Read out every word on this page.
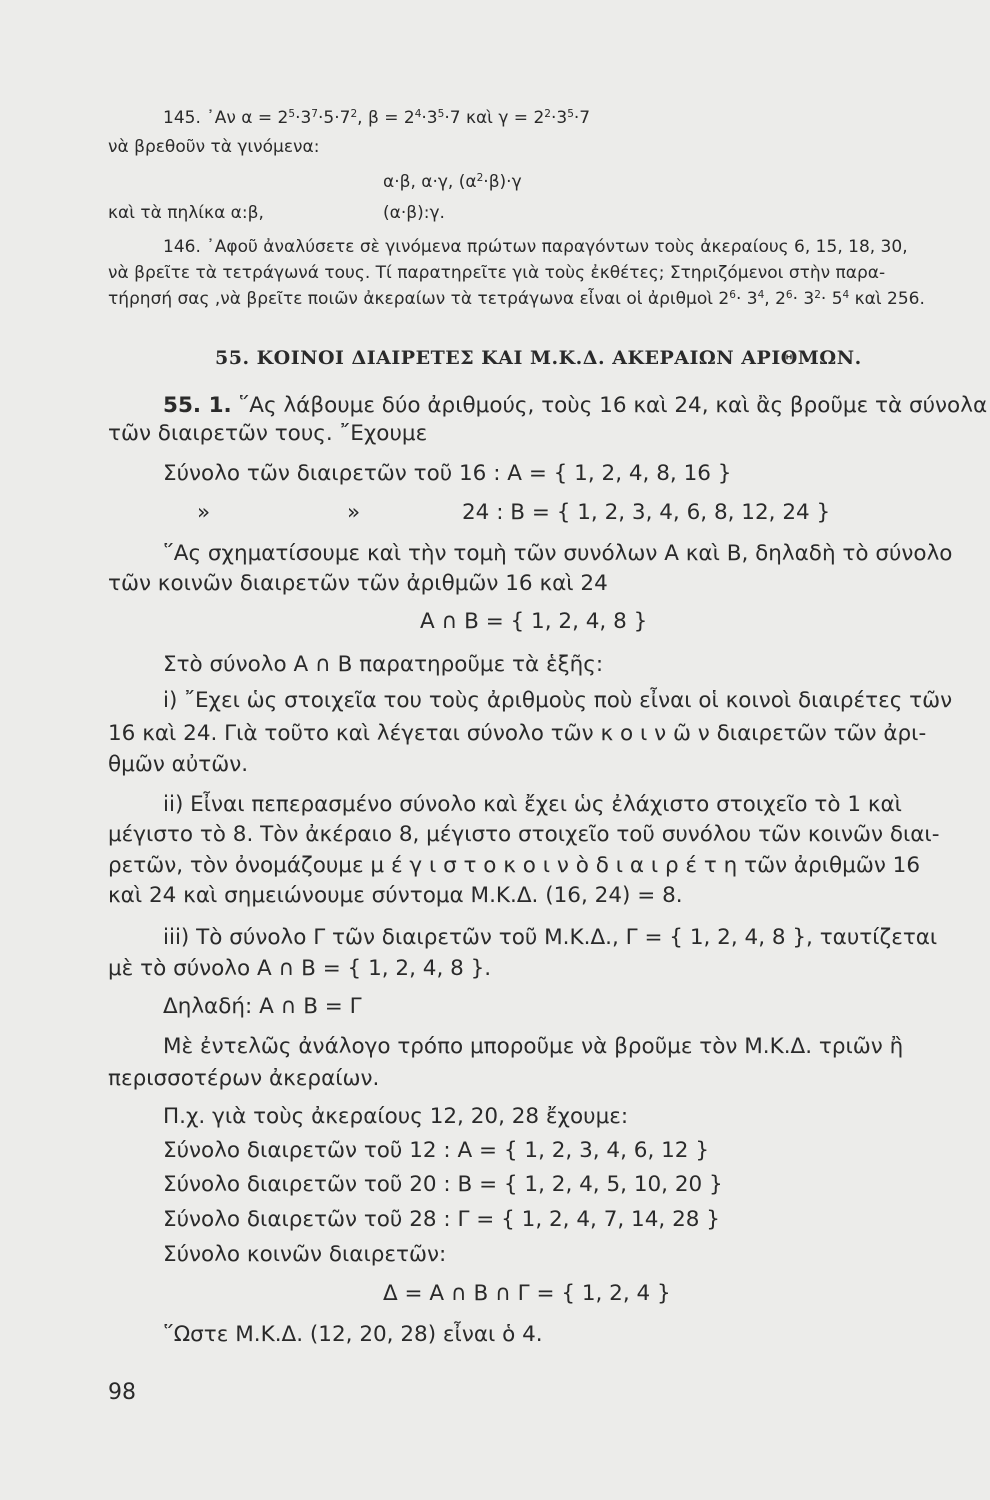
145. ᾽Αν $\alpha = 2^5\cdot 3^7\cdot 5\cdot 7^2$, $\beta = 2^4\cdot 3^5\cdot 7$ καὶ $\gamma = 2^2\cdot 3^5\cdot 7$
νὰ βρεθοῦν τὰ γινόμενα:
α·β, α·γ, $(\alpha^2\cdot\beta)\cdot\gamma$
καὶ τὰ πηλίκα α:β,	(α·β):γ.
146. ᾽Αφοῦ ἀναλύσετε σὲ γινόμενα πρώτων παραγόντων τοὺς ἀκεραίους 6, 15, 18, 30,
νὰ βρεῖτε τὰ τετράγωνά τους. Τί παρατηρεῖτε γιὰ τοὺς ἐκθέτες; Στηριζόμενοι στὴν παρα-
τήρησή σας ,νὰ βρεῖτε ποιῶν ἀκεραίων τὰ τετράγωνα εἶναι οἱ ἀριθμοὶ $2^6\cdot 3^4$, $2^6\cdot 3^2\cdot 5^4$ καὶ 256.
55. ΚΟΙΝΟΙ ΔΙΑΙΡΕΤΕΣ ΚΑΙ Μ.Κ.Δ. ΑΚΕΡΑΙΩΝ ΑΡΙΘΜΩΝ.
55. 1. ῞Ας λάβουμε δύο ἀριθμούς, τοὺς 16 καὶ 24, καὶ ἂς βροῦμε τὰ σύνολα
τῶν διαιρετῶν τους. ῎Εχουμε
Σύνολο τῶν διαιρετῶν τοῦ 16 : Α = { 1, 2, 4, 8, 16 }
»	»	24 : Β = { 1, 2, 3, 4, 6, 8, 12, 24 }
῞Ας σχηματίσουμε καὶ τὴν τομὴ τῶν συνόλων Α καὶ Β, δηλαδὴ τὸ σύνολο
τῶν κοινῶν διαιρετῶν τῶν ἀριθμῶν 16 καὶ 24
Α ∩ Β = { 1, 2, 4, 8 }
Στὸ σύνολο Α ∩ Β παρατηροῦμε τὰ ἑξῆς:
i) ῎Εχει ὡς στοιχεῖα του τοὺς ἀριθμοὺς ποὺ εἶναι οἱ κοινοὶ διαιρέτες τῶν
16 καὶ 24. Γιὰ τοῦτο καὶ λέγεται σύνολο τῶν κ ο ι ν ῶ ν διαιρετῶν τῶν ἀρι-
θμῶν αὐτῶν.
ii) Εἶναι πεπερασμένο σύνολο καὶ ἔχει ὡς ἐλάχιστο στοιχεῖο τὸ 1 καὶ
μέγιστο τὸ 8. Τὸν ἀκέραιο 8, μέγιστο στοιχεῖο τοῦ συνόλου τῶν κοινῶν διαι-
ρετῶν, τὸν ὀνομάζουμε μ έ γ ι σ τ ο κ ο ι ν ὸ δ ι α ι ρ έ τ η τῶν ἀριθμῶν 16
καὶ 24 καὶ σημειώνουμε σύντομα Μ.Κ.Δ. (16, 24) = 8.
iii) Τὸ σύνολο Γ τῶν διαιρετῶν τοῦ Μ.Κ.Δ., Γ = { 1, 2, 4, 8 }, ταυτίζεται
μὲ τὸ σύνολο Α ∩ Β = { 1, 2, 4, 8 }.
Δηλαδή: Α ∩ Β = Γ
Μὲ ἐντελῶς ἀνάλογο τρόπο μποροῦμε νὰ βροῦμε τὸν Μ.Κ.Δ. τριῶν ἢ
περισσοτέρων ἀκεραίων.
Π.χ. γιὰ τοὺς ἀκεραίους 12, 20, 28 ἔχουμε:
Σύνολο διαιρετῶν τοῦ 12 : Α = { 1, 2, 3, 4, 6, 12 }
Σύνολο διαιρετῶν τοῦ 20 : Β = { 1, 2, 4, 5, 10, 20 }
Σύνολο διαιρετῶν τοῦ 28 : Γ = { 1, 2, 4, 7, 14, 28 }
Σύνολο κοινῶν διαιρετῶν:
Δ = Α ∩ Β ∩ Γ = { 1, 2, 4 }
῞Ωστε Μ.Κ.Δ. (12, 20, 28) εἶναι ὁ 4.
98
